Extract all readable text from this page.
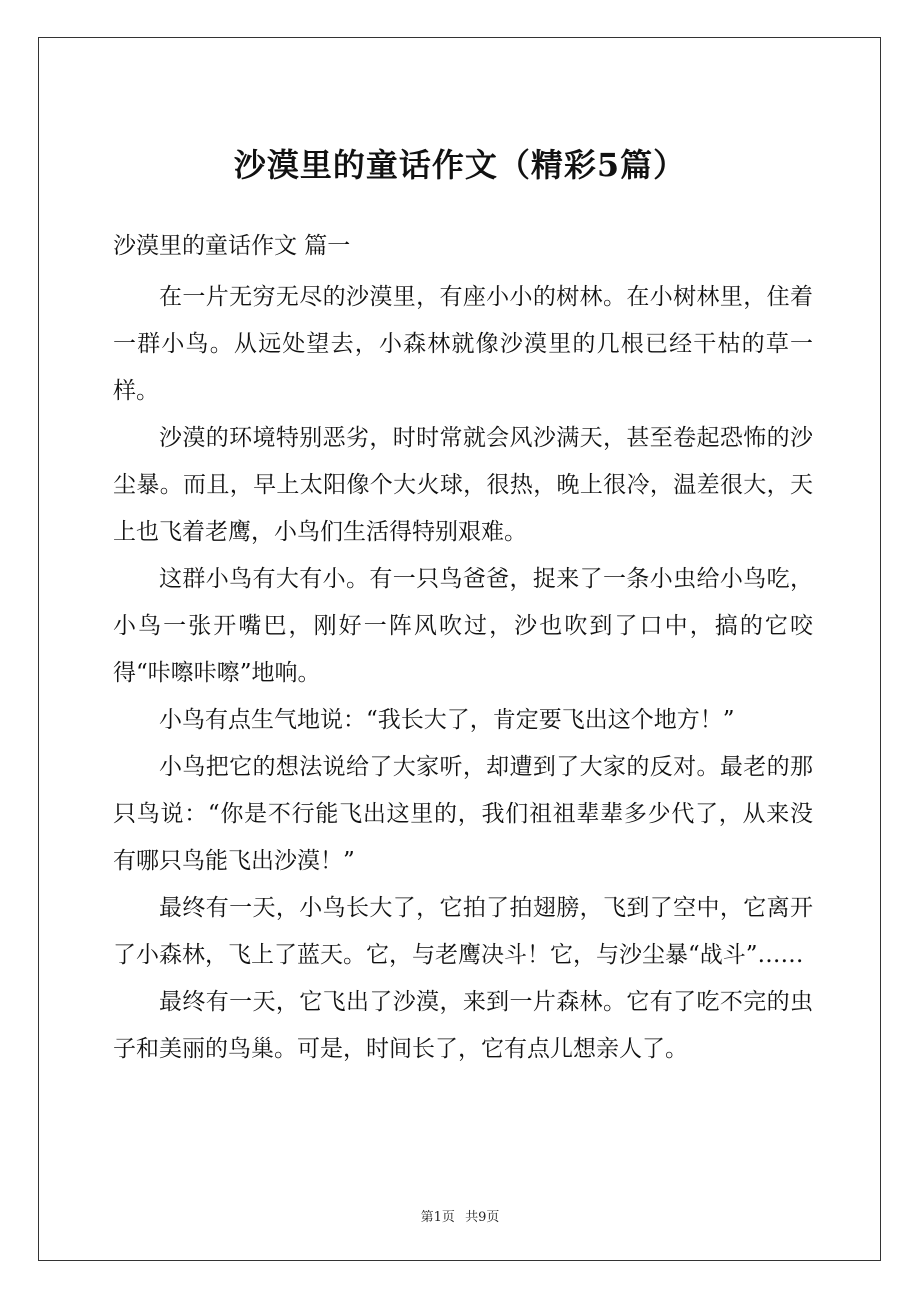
沙漠里的童话作文（精彩5篇）
沙漠里的童话作文 篇一

在一片无穷无尽的沙漠里，有座小小的树林。在小树林里，住着一群小鸟。从远处望去，小森林就像沙漠里的几根已经干枯的草一样。

沙漠的环境特别恶劣，时时常就会风沙满天，甚至卷起恐怖的沙尘暴。而且，早上太阳像个大火球，很热，晚上很冷，温差很大，天上也飞着老鹰，小鸟们生活得特别艰难。

这群小鸟有大有小。有一只鸟爸爸，捉来了一条小虫给小鸟吃，小鸟一张开嘴巴，刚好一阵风吹过，沙也吹到了口中，搞的它咬得“咔嚓咔嚓”地响。

小鸟有点生气地说：“我长大了，肯定要飞出这个地方！”

小鸟把它的想法说给了大家听，却遭到了大家的反对。最老的那只鸟说：“你是不行能飞出这里的，我们祖祖辈辈多少代了，从来没有哪只鸟能飞出沙漠！”

最终有一天，小鸟长大了，它拍了拍翅膀，飞到了空中，它离开了小森林，飞上了蓝天。它，与老鹰决斗！它，与沙尘暴“战斗”……

最终有一天，它飞出了沙漠，来到一片森林。它有了吃不完的虫子和美丽的鸟巢。可是，时间长了，它有点儿想亲人了。

第1页 共9页
